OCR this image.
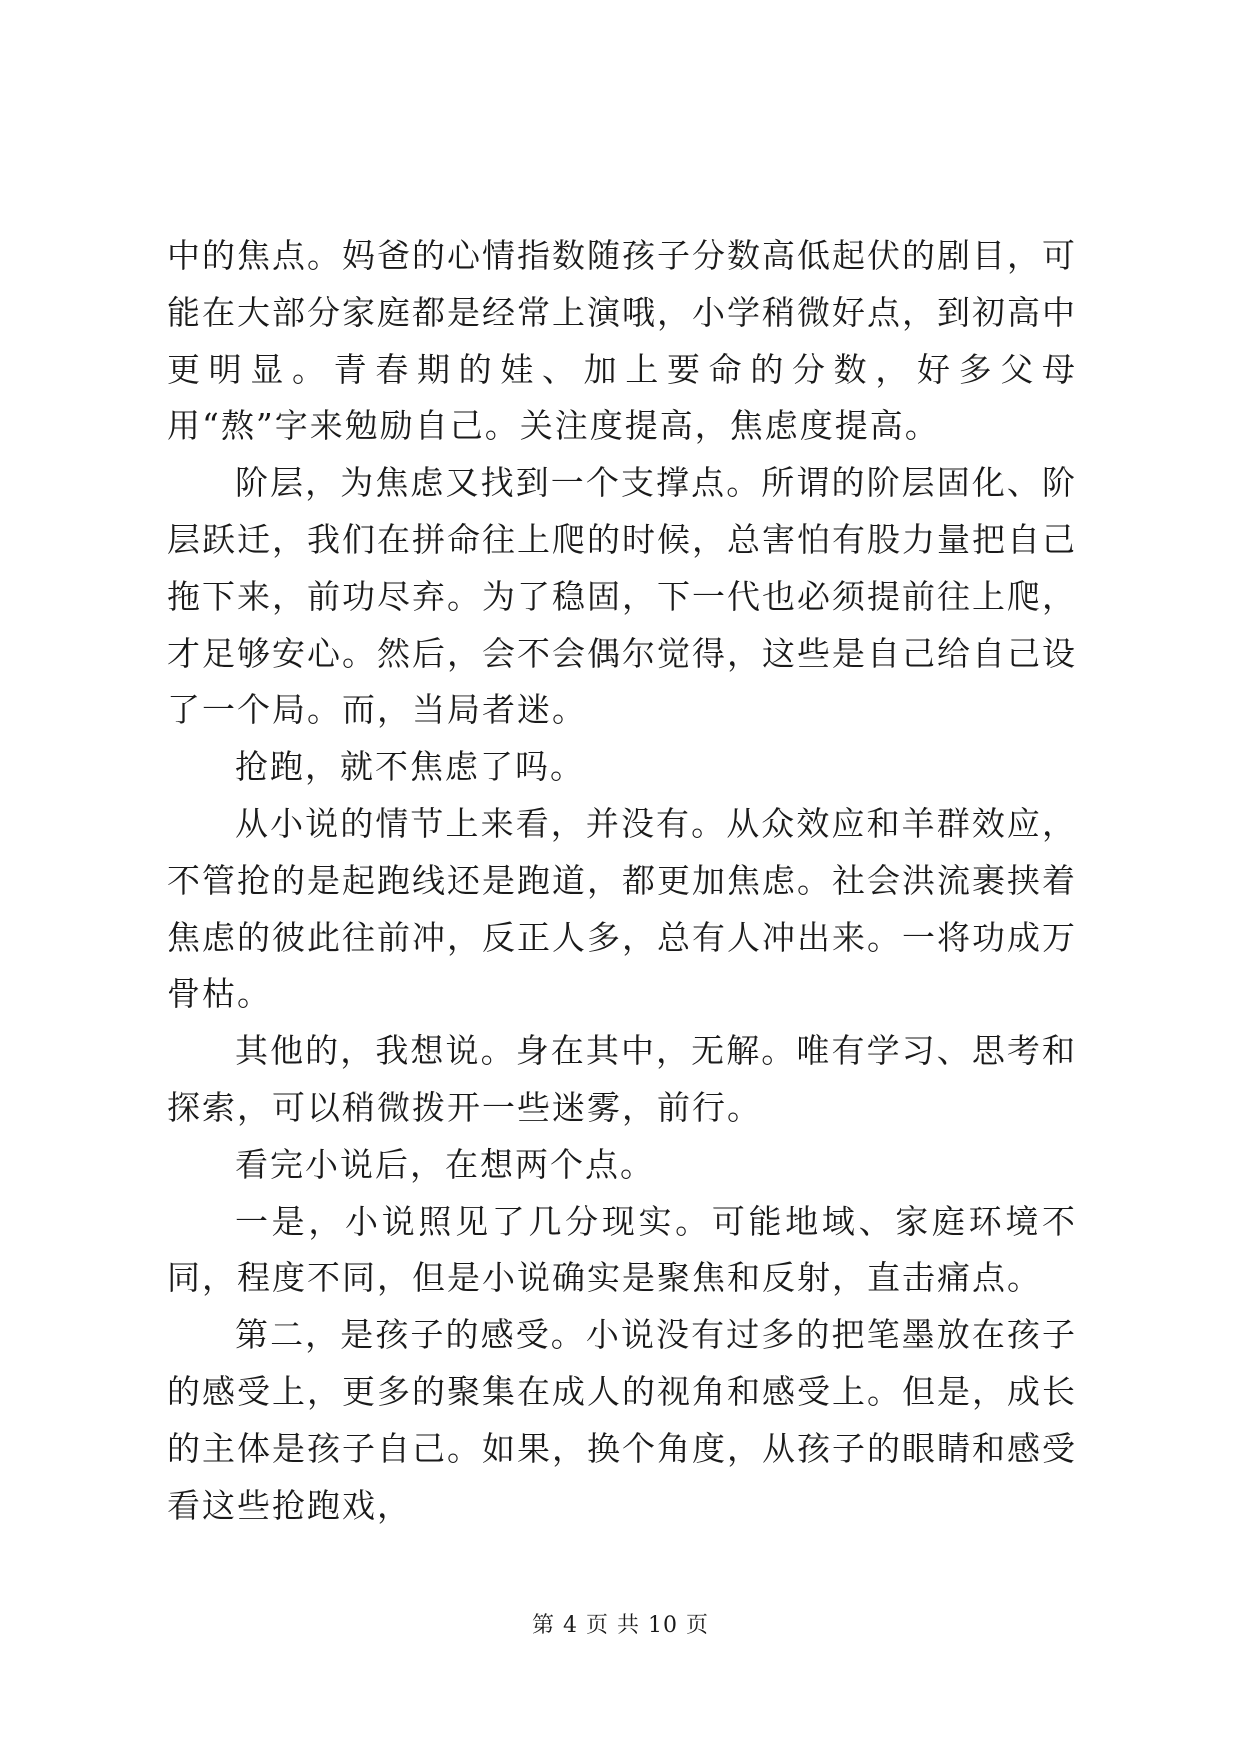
中的焦点。妈爸的心情指数随孩子分数高低起伏的剧目，可能在大部分家庭都是经常上演哦，小学稍微好点，到初高中更明显。青春期的娃、加上要命的分数，好多父母用“熬”字来勉励自己。关注度提高，焦虑度提高。

阶层，为焦虑又找到一个支撑点。所谓的阶层固化、阶层跃迁，我们在拼命往上爬的时候，总害怕有股力量把自己拖下来，前功尽弃。为了稳固，下一代也必须提前往上爬，才足够安心。然后，会不会偶尔觉得，这些是自己给自己设了一个局。而，当局者迷。

抢跑，就不焦虑了吗。

从小说的情节上来看，并没有。从众效应和羊群效应，不管抢的是起跑线还是跑道，都更加焦虑。社会洪流裹挟着焦虑的彼此往前冲，反正人多，总有人冲出来。一将功成万骨枯。

其他的，我想说。身在其中，无解。唯有学习、思考和探索，可以稍微拨开一些迷雾，前行。

看完小说后，在想两个点。

一是，小说照见了几分现实。可能地域、家庭环境不同，程度不同，但是小说确实是聚焦和反射，直击痛点。

第二，是孩子的感受。小说没有过多的把笔墨放在孩子的感受上，更多的聚集在成人的视角和感受上。但是，成长的主体是孩子自己。如果，换个角度，从孩子的眼睛和感受看这些抢跑戏，

第 4 页 共 10 页
